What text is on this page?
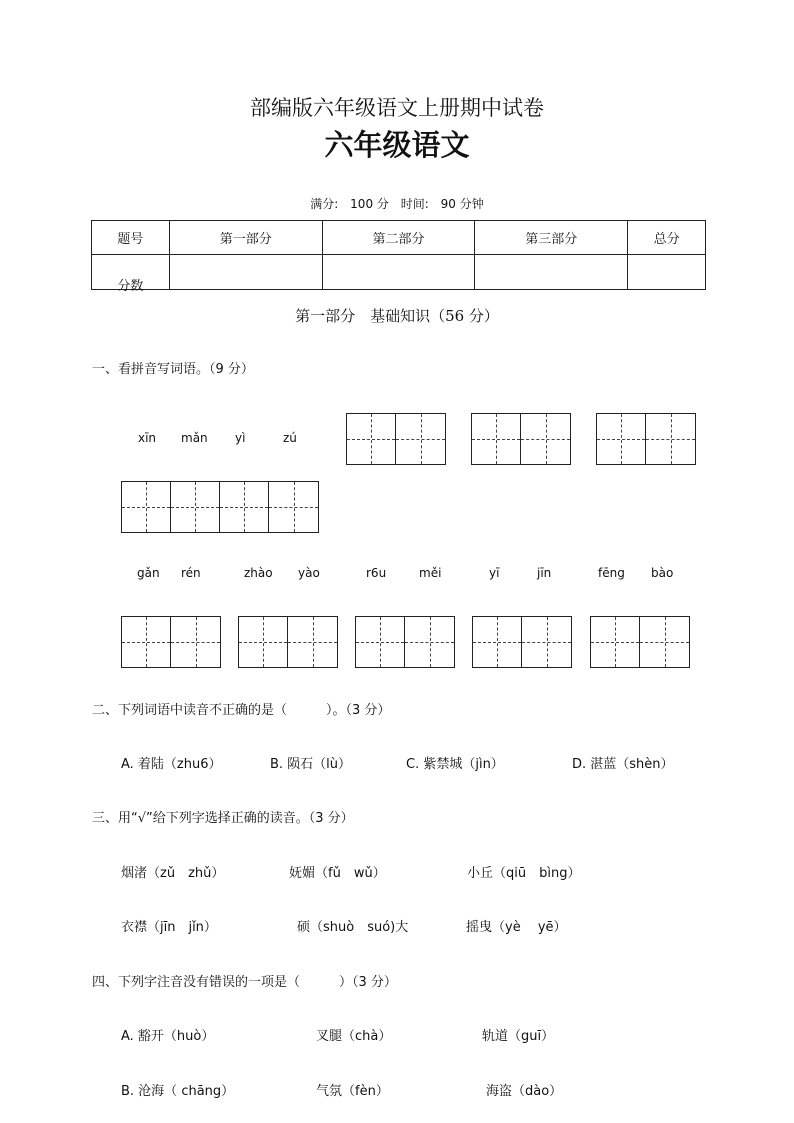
部编版六年级语文上册期中试卷
六年级语文
满分: 100 分 时间: 90 分钟
题号	第一部分	第二部分	第三部分	总分
分数				
第一部分　基础知识（56 分）
一、看拼音写词语。（9 分）
xīn mǎn yì	zú
gǎn rén	zhào yào	r6u	měi	yī	jīn	fēng bào
二、下列词语中读音不正确的是（　　　）。（3 分）
A. 着陆（zhu6）	B. 陨石（lù）	C. 紫禁城（jìn）	D. 湛蓝（shèn）
三、用“√”给下列字选择正确的读音。（3 分）
烟渚（zǔ　zhǔ）	妩媚（fǔ　wǔ）	小丘（qiū　bìng）
衣襟（jīn　jǐn）	硕（shuò　suó)大	摇曳（yè　 yē）
四、下列字注音没有错误的一项是（　　　）（3 分）
A. 豁开（huò）	叉腿（chà）	轨道（guī）
B. 沧海（ chāng）	气氛（fèn）	海盗（dào）
